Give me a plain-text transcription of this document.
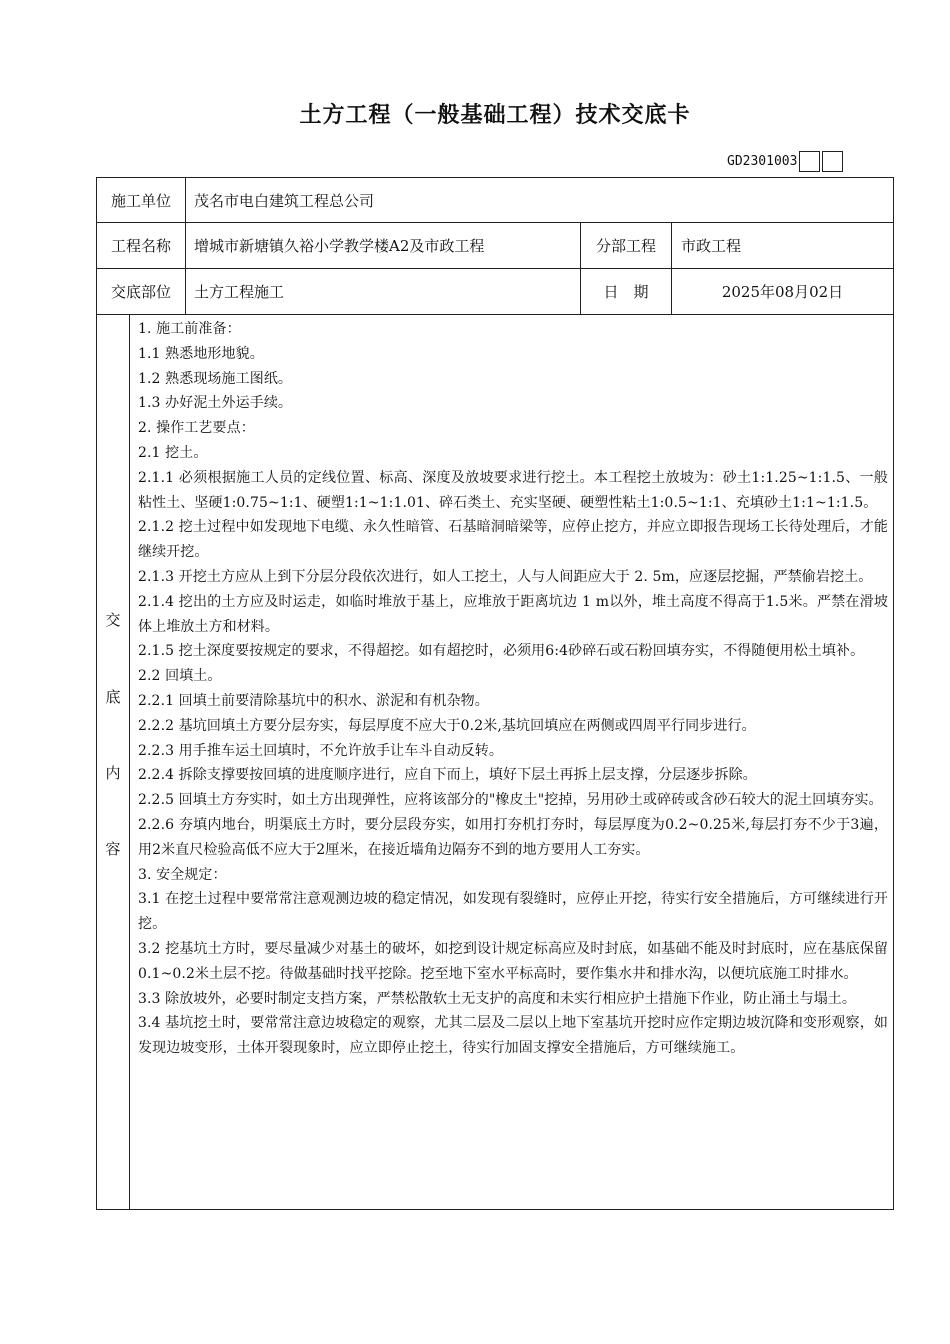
土方工程（一般基础工程）技术交底卡
GD2301003
施工单位	茂名市电白建筑工程总公司
工程名称	增城市新塘镇久裕小学教学楼A2及市政工程	分部工程	市政工程
交底部位	土方工程施工	日　期	2025年08月02日
交
底
内
容

1. 施工前准备：

1.1 熟悉地形地貌。

1.2 熟悉现场施工图纸。

1.3 办好泥土外运手续。

2. 操作工艺要点：

2.1 挖土。

2.1.1 必须根据施工人员的定线位置、标高、深度及放坡要求进行挖土。本工程挖土放坡为：砂土1:1.25~1:1.5、一般粘性土、坚硬1:0.75~1:1、硬塑1:1~1:1.01、碎石类土、充实坚硬、硬塑性粘土1:0.5~1:1、充填砂土1:1~1:1.5。

2.1.2 挖土过程中如发现地下电缆、永久性暗管、石基暗洞暗梁等，应停止挖方，并应立即报告现场工长待处理后，才能继续开挖。

2.1.3 开挖土方应从上到下分层分段依次进行，如人工挖土，人与人间距应大于 2. 5m，应逐层挖掘，严禁偷岩挖土。

2.1.4 挖出的土方应及时运走，如临时堆放于基上，应堆放于距离坑边 1 m以外，堆土高度不得高于1.5米。严禁在滑坡体上堆放土方和材料。

2.1.5 挖土深度要按规定的要求，不得超挖。如有超挖时，必须用6:4砂碎石或石粉回填夯实，不得随便用松土填补。

2.2 回填土。

2.2.1 回填土前要清除基坑中的积水、淤泥和有机杂物。

2.2.2 基坑回填土方要分层夯实，每层厚度不应大于0.2米,基坑回填应在两侧或四周平行同步进行。

2.2.3 用手推车运土回填时，不允许放手让车斗自动反转。

2.2.4 拆除支撑要按回填的进度顺序进行，应自下而上，填好下层土再拆上层支撑，分层逐步拆除。

2.2.5 回填土方夯实时，如土方出现弹性，应将该部分的"橡皮土"挖掉，另用砂土或碎砖或含砂石较大的泥土回填夯实。

2.2.6 夯填内地台，明渠底土方时，要分层段夯实，如用打夯机打夯时，每层厚度为0.2~0.25米,每层打夯不少于3遍，用2米直尺检验高低不应大于2厘米，在接近墙角边隔夯不到的地方要用人工夯实。

3. 安全规定：

3.1 在挖土过程中要常常注意观测边坡的稳定情况，如发现有裂缝时，应停止开挖，待实行安全措施后，方可继续进行开挖。

3.2 挖基坑土方时，要尽量减少对基土的破坏，如挖到设计规定标高应及时封底，如基础不能及时封底时，应在基底保留0.1~0.2米土层不挖。待做基础时找平挖除。挖至地下室水平标高时，要作集水井和排水沟，以便坑底施工时排水。

3.3 除放坡外，必要时制定支挡方案，严禁松散软土无支护的高度和未实行相应护土措施下作业，防止涌土与塌土。

3.4 基坑挖土时，要常常注意边坡稳定的观察，尤其二层及二层以上地下室基坑开挖时应作定期边坡沉降和变形观察，如发现边坡变形，土体开裂现象时，应立即停止挖土，待实行加固支撑安全措施后，方可继续施工。
